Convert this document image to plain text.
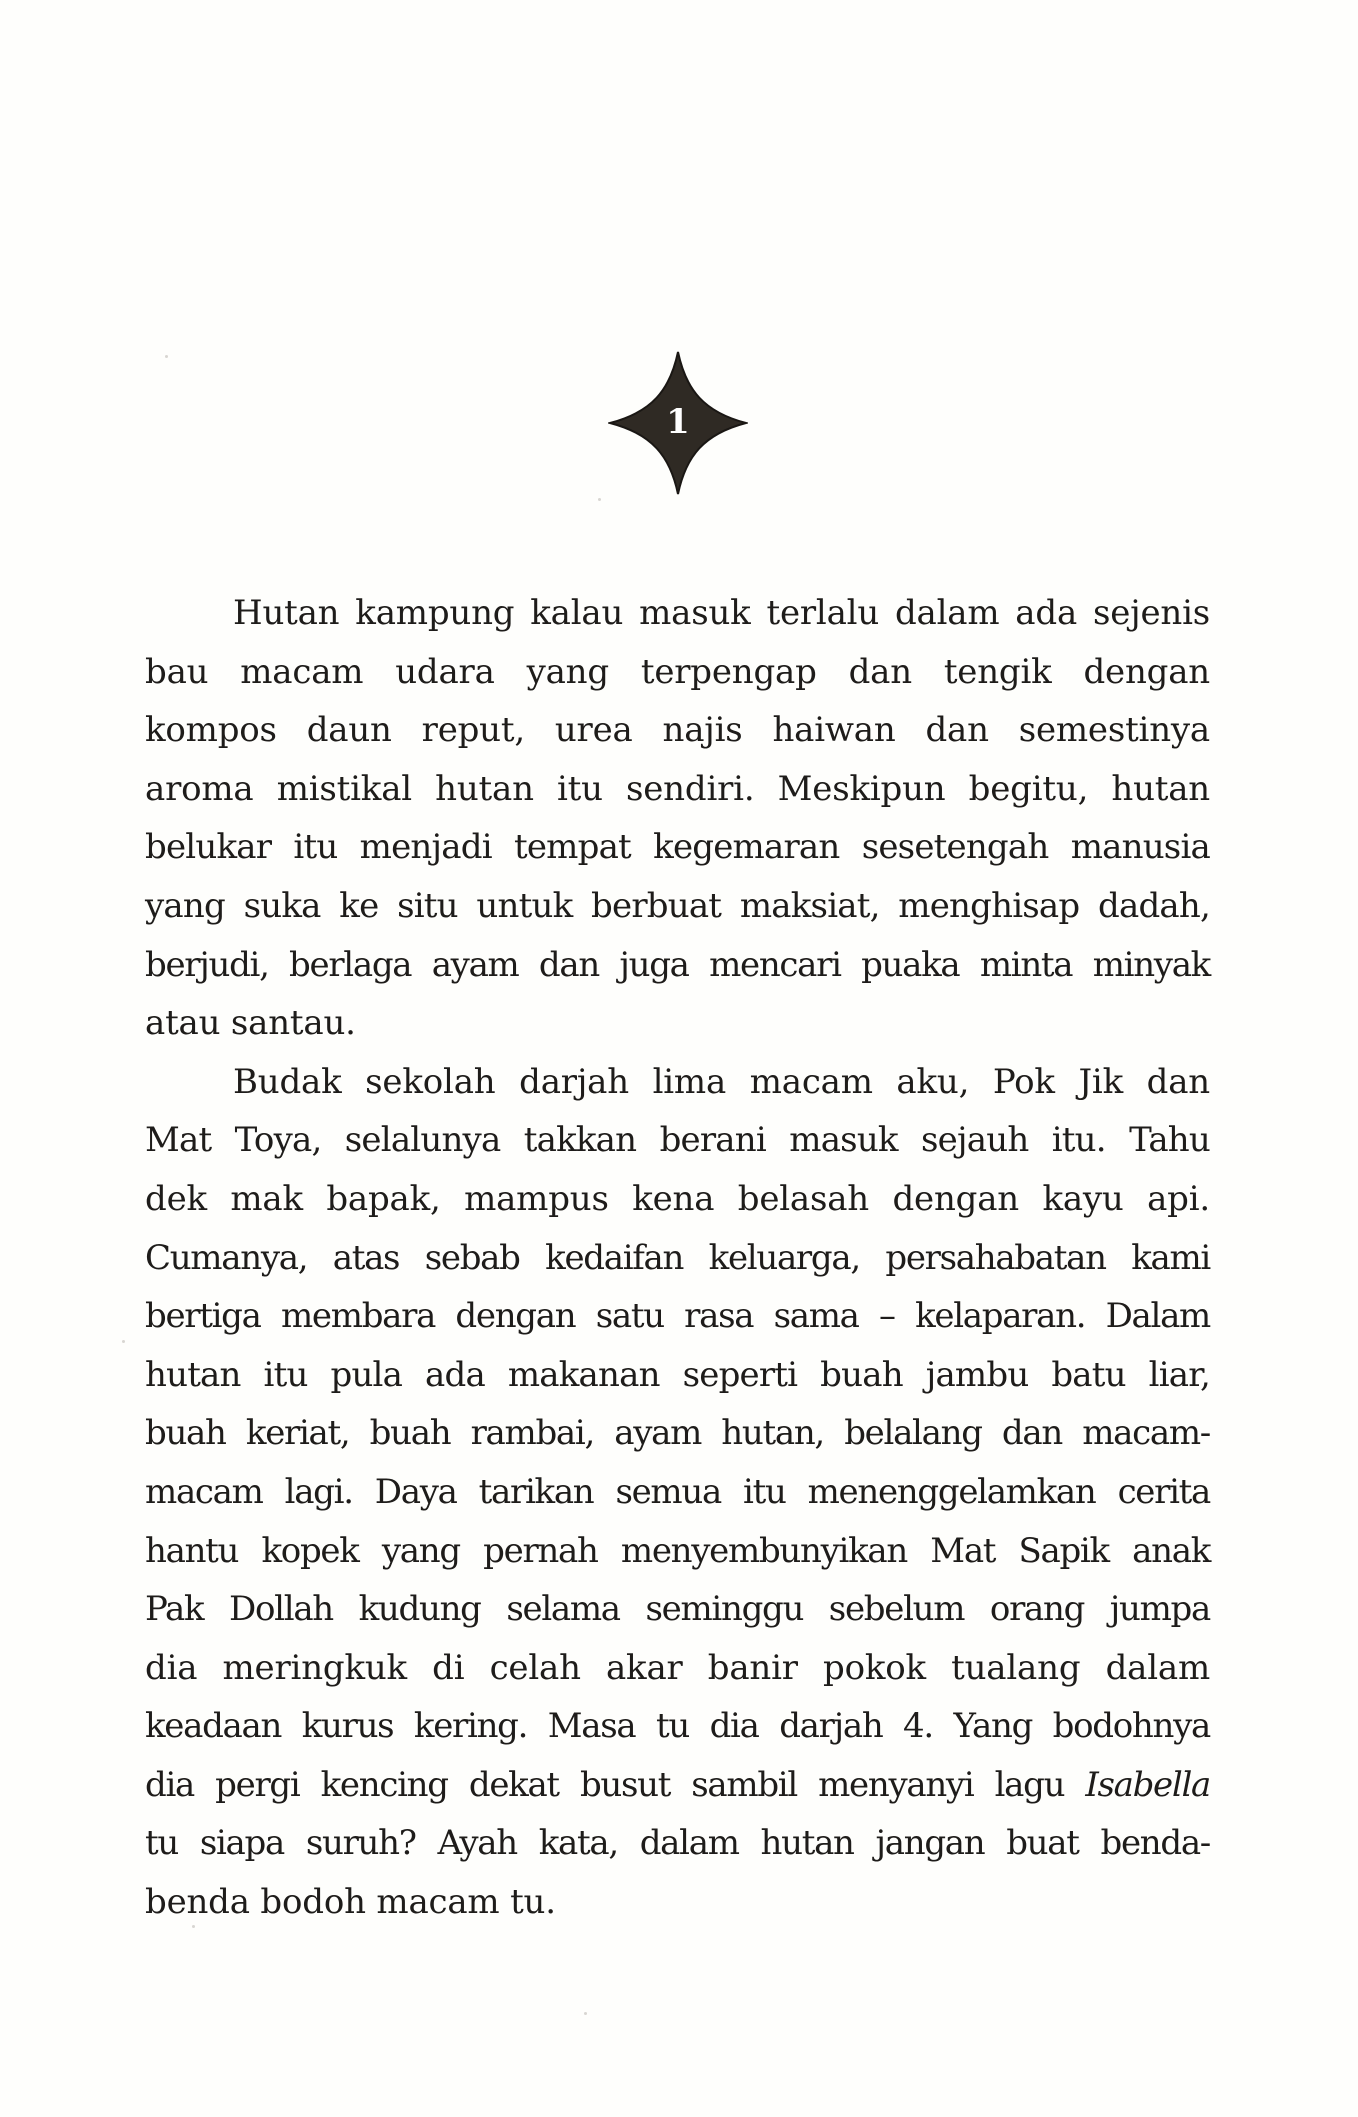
1
Hutan kampung kalau masuk terlalu dalam ada sejenis
bau macam udara yang terpengap dan tengik dengan
kompos daun reput, urea najis haiwan dan semestinya
aroma mistikal hutan itu sendiri. Meskipun begitu, hutan
belukar itu menjadi tempat kegemaran sesetengah manusia
yang suka ke situ untuk berbuat maksiat, menghisap dadah,
berjudi, berlaga ayam dan juga mencari puaka minta minyak
atau santau.
Budak sekolah darjah lima macam aku, Pok Jik dan
Mat Toya, selalunya takkan berani masuk sejauh itu. Tahu
dek mak bapak, mampus kena belasah dengan kayu api.
Cumanya, atas sebab kedaifan keluarga, persahabatan kami
bertiga membara dengan satu rasa sama – kelaparan. Dalam
hutan itu pula ada makanan seperti buah jambu batu liar,
buah keriat, buah rambai, ayam hutan, belalang dan macam-
macam lagi. Daya tarikan semua itu menenggelamkan cerita
hantu kopek yang pernah menyembunyikan Mat Sapik anak
Pak Dollah kudung selama seminggu sebelum orang jumpa
dia meringkuk di celah akar banir pokok tualang dalam
keadaan kurus kering. Masa tu dia darjah 4. Yang bodohnya
dia pergi kencing dekat busut sambil menyanyi lagu Isabella
tu siapa suruh? Ayah kata, dalam hutan jangan buat benda-
benda bodoh macam tu.
